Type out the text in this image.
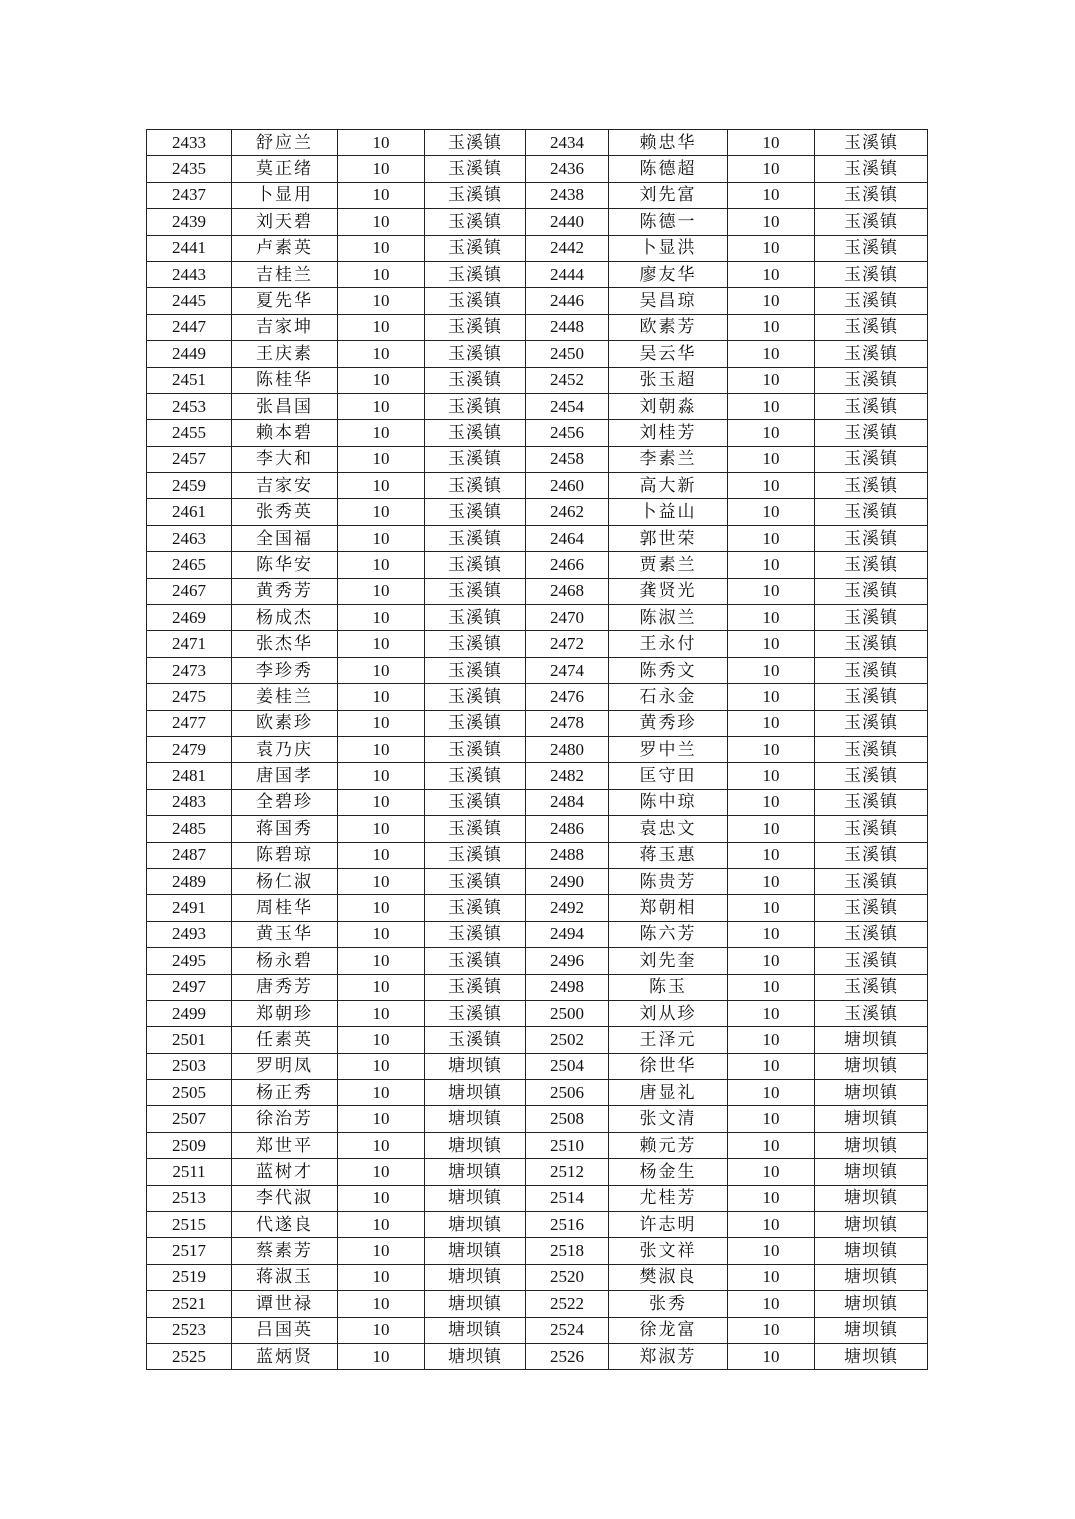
2433	舒应兰	10	玉溪镇	2434	赖忠华	10	玉溪镇
2435	莫正绪	10	玉溪镇	2436	陈德超	10	玉溪镇
2437	卜显用	10	玉溪镇	2438	刘先富	10	玉溪镇
2439	刘天碧	10	玉溪镇	2440	陈德一	10	玉溪镇
2441	卢素英	10	玉溪镇	2442	卜显洪	10	玉溪镇
2443	吉桂兰	10	玉溪镇	2444	廖友华	10	玉溪镇
2445	夏先华	10	玉溪镇	2446	吴昌琼	10	玉溪镇
2447	吉家坤	10	玉溪镇	2448	欧素芳	10	玉溪镇
2449	王庆素	10	玉溪镇	2450	吴云华	10	玉溪镇
2451	陈桂华	10	玉溪镇	2452	张玉超	10	玉溪镇
2453	张昌国	10	玉溪镇	2454	刘朝淼	10	玉溪镇
2455	赖本碧	10	玉溪镇	2456	刘桂芳	10	玉溪镇
2457	李大和	10	玉溪镇	2458	李素兰	10	玉溪镇
2459	吉家安	10	玉溪镇	2460	高大新	10	玉溪镇
2461	张秀英	10	玉溪镇	2462	卜益山	10	玉溪镇
2463	全国福	10	玉溪镇	2464	郭世荣	10	玉溪镇
2465	陈华安	10	玉溪镇	2466	贾素兰	10	玉溪镇
2467	黄秀芳	10	玉溪镇	2468	龚贤光	10	玉溪镇
2469	杨成杰	10	玉溪镇	2470	陈淑兰	10	玉溪镇
2471	张杰华	10	玉溪镇	2472	王永付	10	玉溪镇
2473	李珍秀	10	玉溪镇	2474	陈秀文	10	玉溪镇
2475	姜桂兰	10	玉溪镇	2476	石永金	10	玉溪镇
2477	欧素珍	10	玉溪镇	2478	黄秀珍	10	玉溪镇
2479	袁乃庆	10	玉溪镇	2480	罗中兰	10	玉溪镇
2481	唐国孝	10	玉溪镇	2482	匡守田	10	玉溪镇
2483	全碧珍	10	玉溪镇	2484	陈中琼	10	玉溪镇
2485	蒋国秀	10	玉溪镇	2486	袁忠文	10	玉溪镇
2487	陈碧琼	10	玉溪镇	2488	蒋玉惠	10	玉溪镇
2489	杨仁淑	10	玉溪镇	2490	陈贵芳	10	玉溪镇
2491	周桂华	10	玉溪镇	2492	郑朝相	10	玉溪镇
2493	黄玉华	10	玉溪镇	2494	陈六芳	10	玉溪镇
2495	杨永碧	10	玉溪镇	2496	刘先奎	10	玉溪镇
2497	唐秀芳	10	玉溪镇	2498	陈玉	10	玉溪镇
2499	郑朝珍	10	玉溪镇	2500	刘从珍	10	玉溪镇
2501	任素英	10	玉溪镇	2502	王泽元	10	塘坝镇
2503	罗明凤	10	塘坝镇	2504	徐世华	10	塘坝镇
2505	杨正秀	10	塘坝镇	2506	唐显礼	10	塘坝镇
2507	徐治芳	10	塘坝镇	2508	张文清	10	塘坝镇
2509	郑世平	10	塘坝镇	2510	赖元芳	10	塘坝镇
2511	蓝树才	10	塘坝镇	2512	杨金生	10	塘坝镇
2513	李代淑	10	塘坝镇	2514	尤桂芳	10	塘坝镇
2515	代遂良	10	塘坝镇	2516	许志明	10	塘坝镇
2517	蔡素芳	10	塘坝镇	2518	张文祥	10	塘坝镇
2519	蒋淑玉	10	塘坝镇	2520	樊淑良	10	塘坝镇
2521	谭世禄	10	塘坝镇	2522	张秀	10	塘坝镇
2523	吕国英	10	塘坝镇	2524	徐龙富	10	塘坝镇
2525	蓝炳贤	10	塘坝镇	2526	郑淑芳	10	塘坝镇
